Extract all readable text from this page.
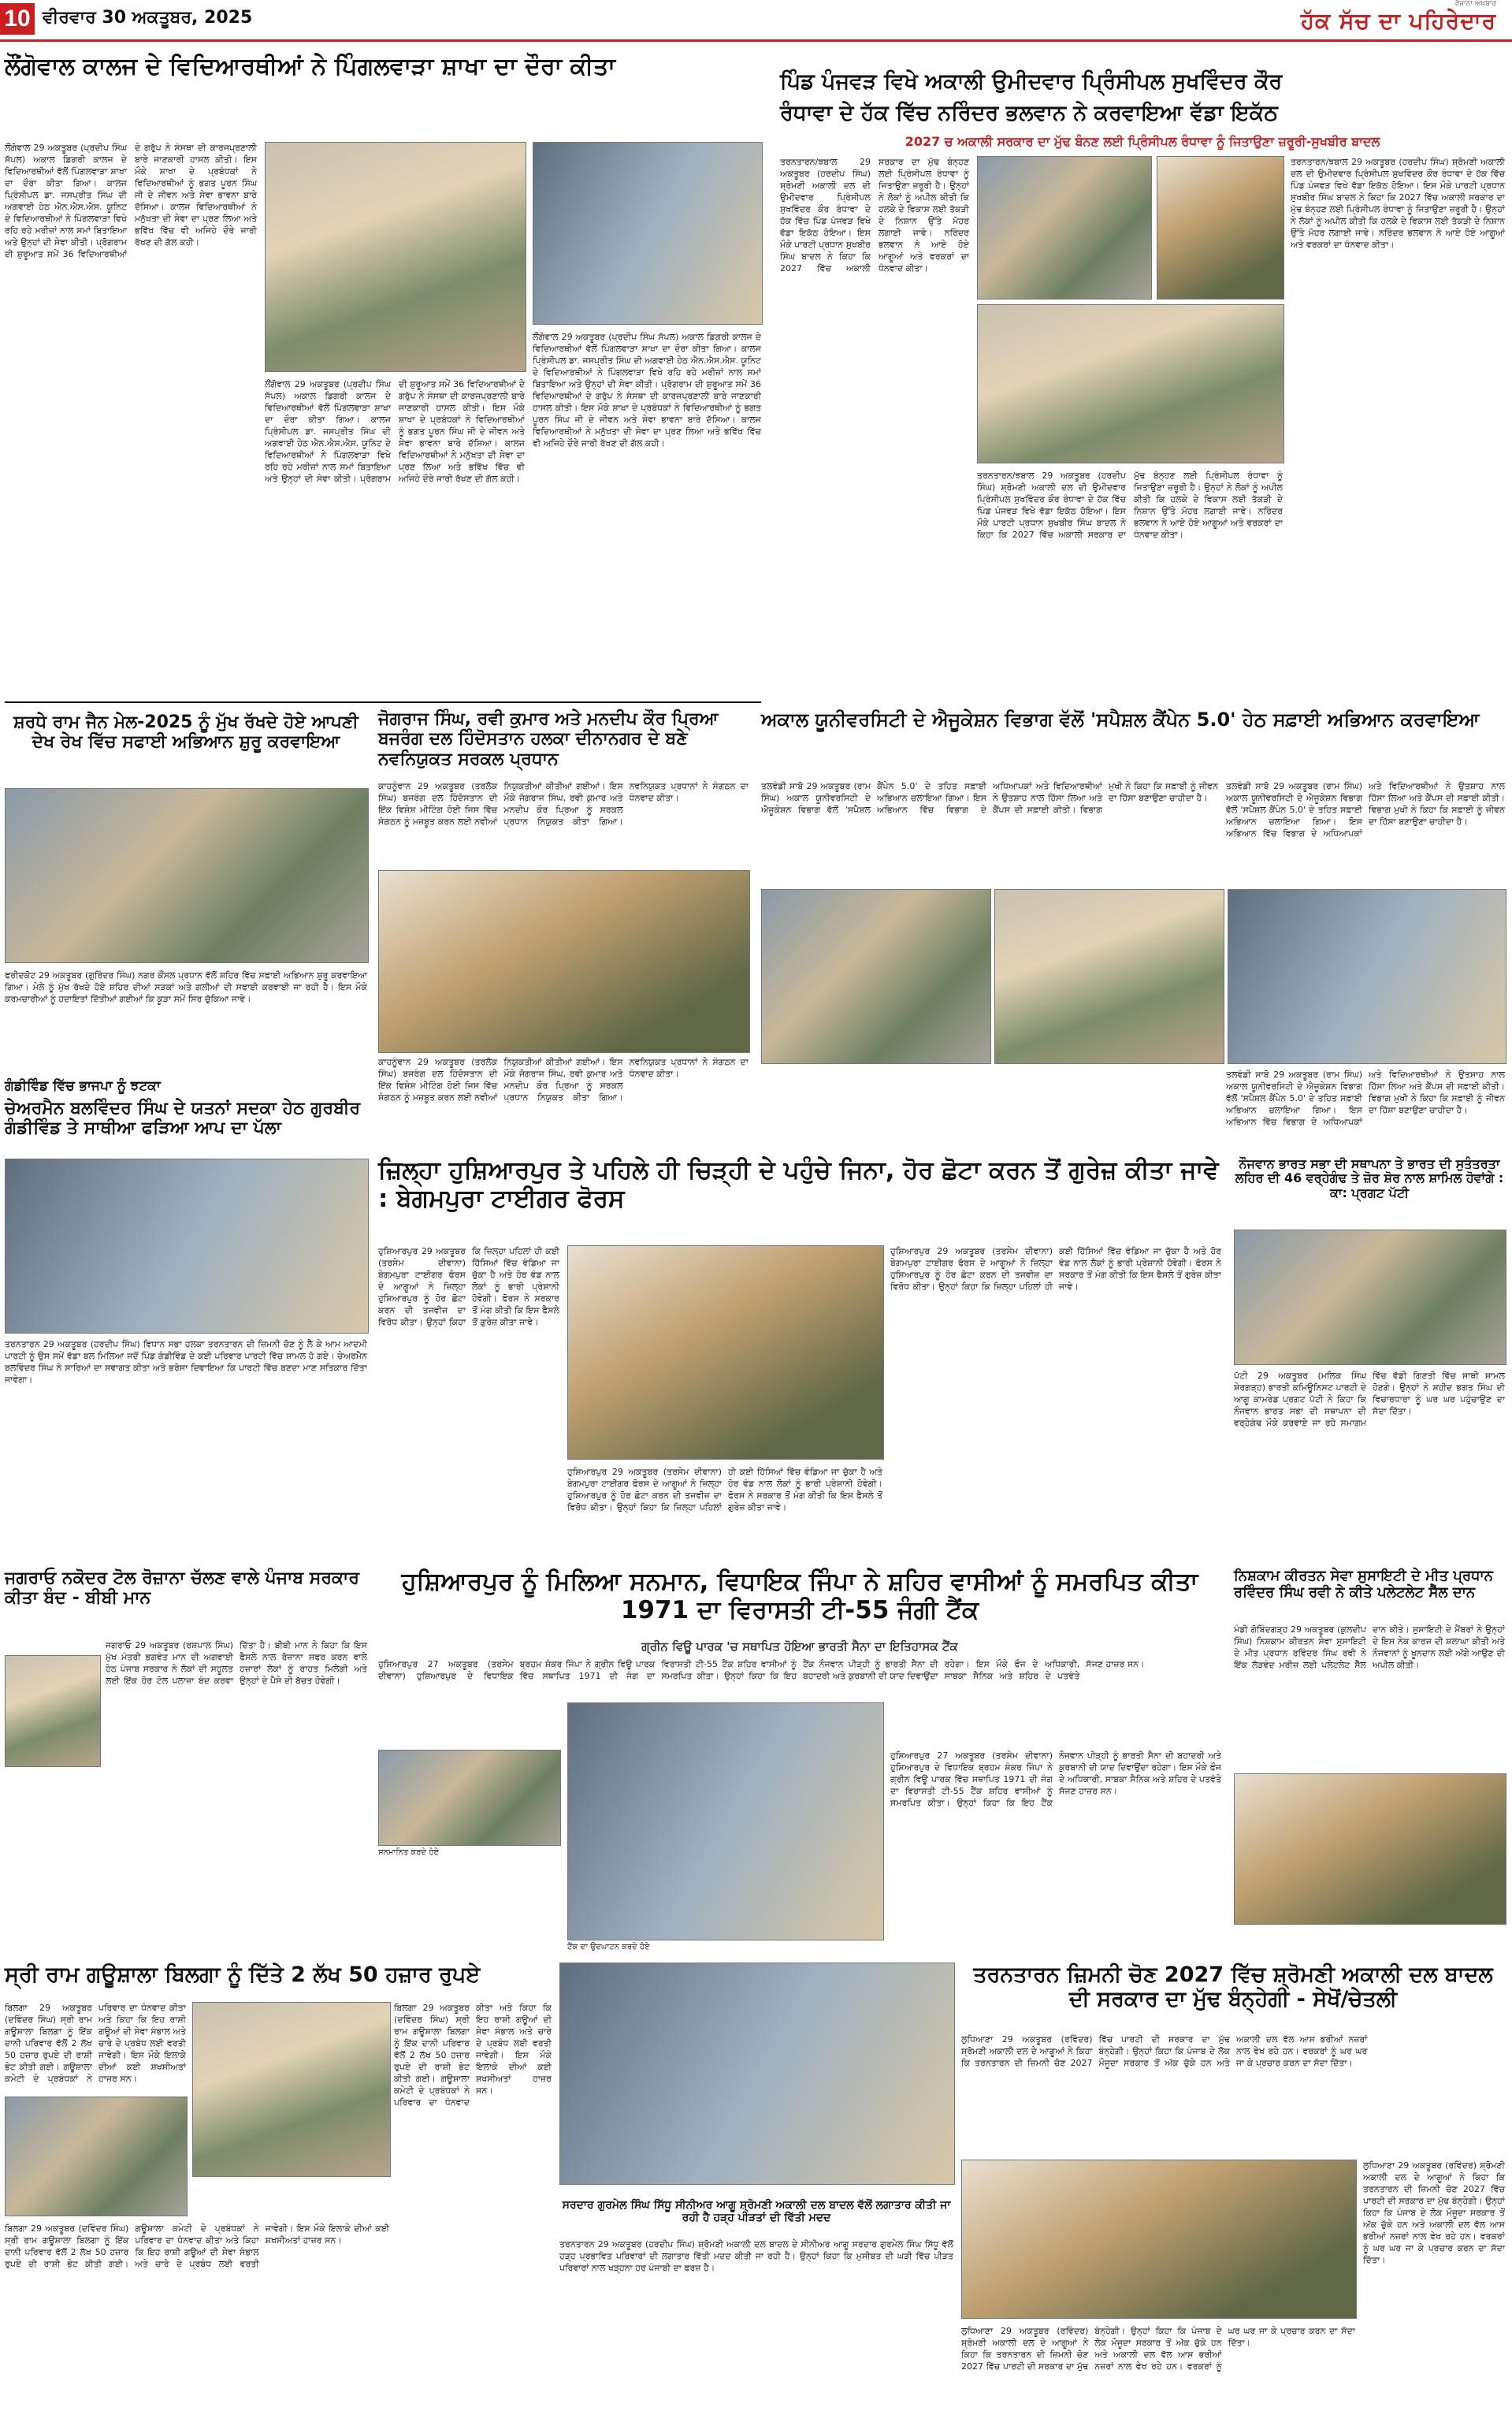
10 ਵੀਰਵਾਰ 30 ਅਕਤੂਬਰ, 2025
ਰੋਜ਼ਾਨਾ ਅਖ਼ਬਾਰ
ਹੱਕ ਸੱਚ ਦਾ ਪਹਿਰੇਦਾਰ
ਲੌਂਗੋਵਾਲ ਕਾਲਜ ਦੇ ਵਿਦਿਆਰਥੀਆਂ ਨੇ ਪਿੰਗਲਵਾੜਾ ਸ਼ਾਖਾ ਦਾ ਦੌਰਾ ਕੀਤਾ
ਲੌਂਗੋਵਾਲ 29 ਅਕਤੂਬਰ (ਪ੍ਰਦੀਪ ਸਿੰਘ ਸੱਪਲ) ਅਕਾਲ ਡਿਗਰੀ ਕਾਲਜ ਦੇ ਵਿਦਿਆਰਥੀਆਂ ਵੱਲੋਂ ਪਿੰਗਲਵਾੜਾ ਸ਼ਾਖਾ ਦਾ ਦੌਰਾ ਕੀਤਾ ਗਿਆ। ਕਾਲਜ ਪ੍ਰਿੰਸੀਪਲ ਡਾ. ਜਸਪ੍ਰੀਤ ਸਿੰਘ ਦੀ ਅਗਵਾਈ ਹੇਠ ਐਨ.ਐਸ.ਐਸ. ਯੂਨਿਟ ਦੇ ਵਿਦਿਆਰਥੀਆਂ ਨੇ ਪਿੰਗਲਵਾੜਾ ਵਿਖੇ ਰਹਿ ਰਹੇ ਮਰੀਜ਼ਾਂ ਨਾਲ ਸਮਾਂ ਬਿਤਾਇਆ ਅਤੇ ਉਨ੍ਹਾਂ ਦੀ ਸੇਵਾ ਕੀਤੀ। ਪ੍ਰੋਗਰਾਮ ਦੀ ਸ਼ੁਰੂਆਤ ਸਮੇਂ 36 ਵਿਦਿਆਰਥੀਆਂ ਦੇ ਗਰੁੱਪ ਨੇ ਸੰਸਥਾ ਦੀ ਕਾਰਜਪ੍ਰਣਾਲੀ ਬਾਰੇ ਜਾਣਕਾਰੀ ਹਾਸਲ ਕੀਤੀ। ਇਸ ਮੌਕੇ ਸ਼ਾਖਾ ਦੇ ਪ੍ਰਬੰਧਕਾਂ ਨੇ ਵਿਦਿਆਰਥੀਆਂ ਨੂੰ ਭਗਤ ਪੂਰਨ ਸਿੰਘ ਜੀ ਦੇ ਜੀਵਨ ਅਤੇ ਸੇਵਾ ਭਾਵਨਾ ਬਾਰੇ ਦੱਸਿਆ। ਕਾਲਜ ਵਿਦਿਆਰਥੀਆਂ ਨੇ ਮਨੁੱਖਤਾ ਦੀ ਸੇਵਾ ਦਾ ਪ੍ਰਣ ਲਿਆ ਅਤੇ ਭਵਿੱਖ ਵਿੱਚ ਵੀ ਅਜਿਹੇ ਦੌਰੇ ਜਾਰੀ ਰੱਖਣ ਦੀ ਗੱਲ ਕਹੀ।
ਲੌਂਗੋਵਾਲ 29 ਅਕਤੂਬਰ (ਪ੍ਰਦੀਪ ਸਿੰਘ ਸੱਪਲ) ਅਕਾਲ ਡਿਗਰੀ ਕਾਲਜ ਦੇ ਵਿਦਿਆਰਥੀਆਂ ਵੱਲੋਂ ਪਿੰਗਲਵਾੜਾ ਸ਼ਾਖਾ ਦਾ ਦੌਰਾ ਕੀਤਾ ਗਿਆ। ਕਾਲਜ ਪ੍ਰਿੰਸੀਪਲ ਡਾ. ਜਸਪ੍ਰੀਤ ਸਿੰਘ ਦੀ ਅਗਵਾਈ ਹੇਠ ਐਨ.ਐਸ.ਐਸ. ਯੂਨਿਟ ਦੇ ਵਿਦਿਆਰਥੀਆਂ ਨੇ ਪਿੰਗਲਵਾੜਾ ਵਿਖੇ ਰਹਿ ਰਹੇ ਮਰੀਜ਼ਾਂ ਨਾਲ ਸਮਾਂ ਬਿਤਾਇਆ ਅਤੇ ਉਨ੍ਹਾਂ ਦੀ ਸੇਵਾ ਕੀਤੀ। ਪ੍ਰੋਗਰਾਮ ਦੀ ਸ਼ੁਰੂਆਤ ਸਮੇਂ 36 ਵਿਦਿਆਰਥੀਆਂ ਦੇ ਗਰੁੱਪ ਨੇ ਸੰਸਥਾ ਦੀ ਕਾਰਜਪ੍ਰਣਾਲੀ ਬਾਰੇ ਜਾਣਕਾਰੀ ਹਾਸਲ ਕੀਤੀ। ਇਸ ਮੌਕੇ ਸ਼ਾਖਾ ਦੇ ਪ੍ਰਬੰਧਕਾਂ ਨੇ ਵਿਦਿਆਰਥੀਆਂ ਨੂੰ ਭਗਤ ਪੂਰਨ ਸਿੰਘ ਜੀ ਦੇ ਜੀਵਨ ਅਤੇ ਸੇਵਾ ਭਾਵਨਾ ਬਾਰੇ ਦੱਸਿਆ। ਕਾਲਜ ਵਿਦਿਆਰਥੀਆਂ ਨੇ ਮਨੁੱਖਤਾ ਦੀ ਸੇਵਾ ਦਾ ਪ੍ਰਣ ਲਿਆ ਅਤੇ ਭਵਿੱਖ ਵਿੱਚ ਵੀ ਅਜਿਹੇ ਦੌਰੇ ਜਾਰੀ ਰੱਖਣ ਦੀ ਗੱਲ ਕਹੀ।
ਲੌਂਗੋਵਾਲ 29 ਅਕਤੂਬਰ (ਪ੍ਰਦੀਪ ਸਿੰਘ ਸੱਪਲ) ਅਕਾਲ ਡਿਗਰੀ ਕਾਲਜ ਦੇ ਵਿਦਿਆਰਥੀਆਂ ਵੱਲੋਂ ਪਿੰਗਲਵਾੜਾ ਸ਼ਾਖਾ ਦਾ ਦੌਰਾ ਕੀਤਾ ਗਿਆ। ਕਾਲਜ ਪ੍ਰਿੰਸੀਪਲ ਡਾ. ਜਸਪ੍ਰੀਤ ਸਿੰਘ ਦੀ ਅਗਵਾਈ ਹੇਠ ਐਨ.ਐਸ.ਐਸ. ਯੂਨਿਟ ਦੇ ਵਿਦਿਆਰਥੀਆਂ ਨੇ ਪਿੰਗਲਵਾੜਾ ਵਿਖੇ ਰਹਿ ਰਹੇ ਮਰੀਜ਼ਾਂ ਨਾਲ ਸਮਾਂ ਬਿਤਾਇਆ ਅਤੇ ਉਨ੍ਹਾਂ ਦੀ ਸੇਵਾ ਕੀਤੀ। ਪ੍ਰੋਗਰਾਮ ਦੀ ਸ਼ੁਰੂਆਤ ਸਮੇਂ 36 ਵਿਦਿਆਰਥੀਆਂ ਦੇ ਗਰੁੱਪ ਨੇ ਸੰਸਥਾ ਦੀ ਕਾਰਜਪ੍ਰਣਾਲੀ ਬਾਰੇ ਜਾਣਕਾਰੀ ਹਾਸਲ ਕੀਤੀ। ਇਸ ਮੌਕੇ ਸ਼ਾਖਾ ਦੇ ਪ੍ਰਬੰਧਕਾਂ ਨੇ ਵਿਦਿਆਰਥੀਆਂ ਨੂੰ ਭਗਤ ਪੂਰਨ ਸਿੰਘ ਜੀ ਦੇ ਜੀਵਨ ਅਤੇ ਸੇਵਾ ਭਾਵਨਾ ਬਾਰੇ ਦੱਸਿਆ। ਕਾਲਜ ਵਿਦਿਆਰਥੀਆਂ ਨੇ ਮਨੁੱਖਤਾ ਦੀ ਸੇਵਾ ਦਾ ਪ੍ਰਣ ਲਿਆ ਅਤੇ ਭਵਿੱਖ ਵਿੱਚ ਵੀ ਅਜਿਹੇ ਦੌਰੇ ਜਾਰੀ ਰੱਖਣ ਦੀ ਗੱਲ ਕਹੀ।
ਪਿੰਡ ਪੰਜਵੜ ਵਿਖੇ ਅਕਾਲੀ ਉਮੀਦਵਾਰ ਪ੍ਰਿੰਸੀਪਲ ਸੁਖਵਿੰਦਰ ਕੌਰ
ਰੰਧਾਵਾ ਦੇ ਹੱਕ ਵਿੱਚ ਨਰਿੰਦਰ ਭਲਵਾਨ ਨੇ ਕਰਵਾਇਆ ਵੱਡਾ ਇਕੱਠ
2027 ਚ ਅਕਾਲੀ ਸਰਕਾਰ ਦਾ ਮੁੱਢ ਬੰਨਣ ਲਈ ਪ੍ਰਿੰਸੀਪਲ ਰੰਧਾਵਾ ਨੂੰ ਜਿਤਾਉਣਾ ਜ਼ਰੂਰੀ-ਸੁਖਬੀਰ ਬਾਦਲ
ਤਰਨਤਾਰਨ/ਝਬਾਲ 29 ਅਕਤੂਬਰ (ਹਰਦੀਪ ਸਿੰਘ) ਸ਼੍ਰੋਮਣੀ ਅਕਾਲੀ ਦਲ ਦੀ ਉਮੀਦਵਾਰ ਪ੍ਰਿੰਸੀਪਲ ਸੁਖਵਿੰਦਰ ਕੌਰ ਰੰਧਾਵਾ ਦੇ ਹੱਕ ਵਿੱਚ ਪਿੰਡ ਪੰਜਵੜ ਵਿਖੇ ਵੱਡਾ ਇਕੱਠ ਹੋਇਆ। ਇਸ ਮੌਕੇ ਪਾਰਟੀ ਪ੍ਰਧਾਨ ਸੁਖਬੀਰ ਸਿੰਘ ਬਾਦਲ ਨੇ ਕਿਹਾ ਕਿ 2027 ਵਿੱਚ ਅਕਾਲੀ ਸਰਕਾਰ ਦਾ ਮੁੱਢ ਬੰਨ੍ਹਣ ਲਈ ਪ੍ਰਿੰਸੀਪਲ ਰੰਧਾਵਾ ਨੂੰ ਜਿਤਾਉਣਾ ਜ਼ਰੂਰੀ ਹੈ। ਉਨ੍ਹਾਂ ਨੇ ਲੋਕਾਂ ਨੂੰ ਅਪੀਲ ਕੀਤੀ ਕਿ ਹਲਕੇ ਦੇ ਵਿਕਾਸ ਲਈ ਤੱਕੜੀ ਦੇ ਨਿਸ਼ਾਨ ਉੱਤੇ ਮੋਹਰ ਲਗਾਈ ਜਾਵੇ। ਨਰਿੰਦਰ ਭਲਵਾਨ ਨੇ ਆਏ ਹੋਏ ਆਗੂਆਂ ਅਤੇ ਵਰਕਰਾਂ ਦਾ ਧੰਨਵਾਦ ਕੀਤਾ।
ਤਰਨਤਾਰਨ/ਝਬਾਲ 29 ਅਕਤੂਬਰ (ਹਰਦੀਪ ਸਿੰਘ) ਸ਼੍ਰੋਮਣੀ ਅਕਾਲੀ ਦਲ ਦੀ ਉਮੀਦਵਾਰ ਪ੍ਰਿੰਸੀਪਲ ਸੁਖਵਿੰਦਰ ਕੌਰ ਰੰਧਾਵਾ ਦੇ ਹੱਕ ਵਿੱਚ ਪਿੰਡ ਪੰਜਵੜ ਵਿਖੇ ਵੱਡਾ ਇਕੱਠ ਹੋਇਆ। ਇਸ ਮੌਕੇ ਪਾਰਟੀ ਪ੍ਰਧਾਨ ਸੁਖਬੀਰ ਸਿੰਘ ਬਾਦਲ ਨੇ ਕਿਹਾ ਕਿ 2027 ਵਿੱਚ ਅਕਾਲੀ ਸਰਕਾਰ ਦਾ ਮੁੱਢ ਬੰਨ੍ਹਣ ਲਈ ਪ੍ਰਿੰਸੀਪਲ ਰੰਧਾਵਾ ਨੂੰ ਜਿਤਾਉਣਾ ਜ਼ਰੂਰੀ ਹੈ। ਉਨ੍ਹਾਂ ਨੇ ਲੋਕਾਂ ਨੂੰ ਅਪੀਲ ਕੀਤੀ ਕਿ ਹਲਕੇ ਦੇ ਵਿਕਾਸ ਲਈ ਤੱਕੜੀ ਦੇ ਨਿਸ਼ਾਨ ਉੱਤੇ ਮੋਹਰ ਲਗਾਈ ਜਾਵੇ। ਨਰਿੰਦਰ ਭਲਵਾਨ ਨੇ ਆਏ ਹੋਏ ਆਗੂਆਂ ਅਤੇ ਵਰਕਰਾਂ ਦਾ ਧੰਨਵਾਦ ਕੀਤਾ।
ਤਰਨਤਾਰਨ/ਝਬਾਲ 29 ਅਕਤੂਬਰ (ਹਰਦੀਪ ਸਿੰਘ) ਸ਼੍ਰੋਮਣੀ ਅਕਾਲੀ ਦਲ ਦੀ ਉਮੀਦਵਾਰ ਪ੍ਰਿੰਸੀਪਲ ਸੁਖਵਿੰਦਰ ਕੌਰ ਰੰਧਾਵਾ ਦੇ ਹੱਕ ਵਿੱਚ ਪਿੰਡ ਪੰਜਵੜ ਵਿਖੇ ਵੱਡਾ ਇਕੱਠ ਹੋਇਆ। ਇਸ ਮੌਕੇ ਪਾਰਟੀ ਪ੍ਰਧਾਨ ਸੁਖਬੀਰ ਸਿੰਘ ਬਾਦਲ ਨੇ ਕਿਹਾ ਕਿ 2027 ਵਿੱਚ ਅਕਾਲੀ ਸਰਕਾਰ ਦਾ ਮੁੱਢ ਬੰਨ੍ਹਣ ਲਈ ਪ੍ਰਿੰਸੀਪਲ ਰੰਧਾਵਾ ਨੂੰ ਜਿਤਾਉਣਾ ਜ਼ਰੂਰੀ ਹੈ। ਉਨ੍ਹਾਂ ਨੇ ਲੋਕਾਂ ਨੂੰ ਅਪੀਲ ਕੀਤੀ ਕਿ ਹਲਕੇ ਦੇ ਵਿਕਾਸ ਲਈ ਤੱਕੜੀ ਦੇ ਨਿਸ਼ਾਨ ਉੱਤੇ ਮੋਹਰ ਲਗਾਈ ਜਾਵੇ। ਨਰਿੰਦਰ ਭਲਵਾਨ ਨੇ ਆਏ ਹੋਏ ਆਗੂਆਂ ਅਤੇ ਵਰਕਰਾਂ ਦਾ ਧੰਨਵਾਦ ਕੀਤਾ।
ਸ਼ਰਧੇ ਰਾਮ ਜੈਨ ਮੇਲ-2025 ਨੂੰ ਮੁੱਖ ਰੱਖਦੇ ਹੋਏ ਆਪਣੀ ਦੇਖ ਰੇਖ ਵਿੱਚ ਸਫਾਈ ਅਭਿਆਨ ਸ਼ੁਰੂ ਕਰਵਾਇਆ
ਫਰੀਦਕੋਟ 29 ਅਕਤੂਬਰ (ਗੁਰਿੰਦਰ ਸਿੰਘ) ਨਗਰ ਕੌਂਸਲ ਪ੍ਰਧਾਨ ਵੱਲੋਂ ਸ਼ਹਿਰ ਵਿੱਚ ਸਫਾਈ ਅਭਿਆਨ ਸ਼ੁਰੂ ਕਰਵਾਇਆ ਗਿਆ। ਮੇਲੇ ਨੂੰ ਮੁੱਖ ਰੱਖਦੇ ਹੋਏ ਸ਼ਹਿਰ ਦੀਆਂ ਸੜਕਾਂ ਅਤੇ ਗਲੀਆਂ ਦੀ ਸਫਾਈ ਕਰਵਾਈ ਜਾ ਰਹੀ ਹੈ। ਇਸ ਮੌਕੇ ਕਰਮਚਾਰੀਆਂ ਨੂੰ ਹਦਾਇਤਾਂ ਦਿੱਤੀਆਂ ਗਈਆਂ ਕਿ ਕੂੜਾ ਸਮੇਂ ਸਿਰ ਚੁੱਕਿਆ ਜਾਵੇ।
ਗੰਡੀਵਿੰਡ ਵਿੱਚ ਭਾਜਪਾ ਨੂੰ ਝਟਕਾ
ਚੇਅਰਮੈਨ ਬਲਵਿੰਦਰ ਸਿੰਘ ਦੇ ਯਤਨਾਂ ਸਦਕਾ ਹੇਠ ਗੁਰਬੀਰ ਗੰਡੀਵਿੰਡ ਤੇ ਸਾਥੀਆ ਫੜਿਆ ਆਪ ਦਾ ਪੱਲਾ
ਤਰਨਤਾਰਨ 29 ਅਕਤੂਬਰ (ਹਰਦੀਪ ਸਿੰਘ) ਵਿਧਾਨ ਸਭਾ ਹਲਕਾ ਤਰਨਤਾਰਨ ਦੀ ਜ਼ਿਮਨੀ ਚੋਣ ਨੂੰ ਲੈ ਕੇ ਆਮ ਆਦਮੀ ਪਾਰਟੀ ਨੂੰ ਉਸ ਸਮੇਂ ਵੱਡਾ ਬਲ ਮਿਲਿਆ ਜਦੋਂ ਪਿੰਡ ਗੰਡੀਵਿੰਡ ਦੇ ਕਈ ਪਰਿਵਾਰ ਪਾਰਟੀ ਵਿੱਚ ਸ਼ਾਮਲ ਹੋ ਗਏ। ਚੇਅਰਮੈਨ ਬਲਵਿੰਦਰ ਸਿੰਘ ਨੇ ਸਾਰਿਆਂ ਦਾ ਸਵਾਗਤ ਕੀਤਾ ਅਤੇ ਭਰੋਸਾ ਦਿਵਾਇਆ ਕਿ ਪਾਰਟੀ ਵਿੱਚ ਬਣਦਾ ਮਾਣ ਸਤਿਕਾਰ ਦਿੱਤਾ ਜਾਵੇਗਾ।
ਜੋਗਰਾਜ ਸਿੰਘ, ਰਵੀ ਕੁਮਾਰ ਅਤੇ ਮਨਦੀਪ ਕੌਰ ਪ੍ਰਿਆ ਬਜਰੰਗ ਦਲ ਹਿੰਦੋਸਤਾਨ ਹਲਕਾ ਦੀਨਾਨਗਰ ਦੇ ਬਣੇ ਨਵਨਿਯੁਕਤ ਸਰਕਲ ਪ੍ਰਧਾਨ
ਕਾਹਨੂੰਵਾਨ 29 ਅਕਤੂਬਰ (ਤਰਲੋਕ ਸਿੰਘ) ਬਜਰੰਗ ਦਲ ਹਿੰਦੋਸਤਾਨ ਦੀ ਇੱਕ ਵਿਸ਼ੇਸ਼ ਮੀਟਿੰਗ ਹੋਈ ਜਿਸ ਵਿੱਚ ਸੰਗਠਨ ਨੂੰ ਮਜ਼ਬੂਤ ਕਰਨ ਲਈ ਨਵੀਆਂ ਨਿਯੁਕਤੀਆਂ ਕੀਤੀਆਂ ਗਈਆਂ। ਇਸ ਮੌਕੇ ਜੋਗਰਾਜ ਸਿੰਘ, ਰਵੀ ਕੁਮਾਰ ਅਤੇ ਮਨਦੀਪ ਕੌਰ ਪ੍ਰਿਆ ਨੂੰ ਸਰਕਲ ਪ੍ਰਧਾਨ ਨਿਯੁਕਤ ਕੀਤਾ ਗਿਆ। ਨਵਨਿਯੁਕਤ ਪ੍ਰਧਾਨਾਂ ਨੇ ਸੰਗਠਨ ਦਾ ਧੰਨਵਾਦ ਕੀਤਾ।
ਕਾਹਨੂੰਵਾਨ 29 ਅਕਤੂਬਰ (ਤਰਲੋਕ ਸਿੰਘ) ਬਜਰੰਗ ਦਲ ਹਿੰਦੋਸਤਾਨ ਦੀ ਇੱਕ ਵਿਸ਼ੇਸ਼ ਮੀਟਿੰਗ ਹੋਈ ਜਿਸ ਵਿੱਚ ਸੰਗਠਨ ਨੂੰ ਮਜ਼ਬੂਤ ਕਰਨ ਲਈ ਨਵੀਆਂ ਨਿਯੁਕਤੀਆਂ ਕੀਤੀਆਂ ਗਈਆਂ। ਇਸ ਮੌਕੇ ਜੋਗਰਾਜ ਸਿੰਘ, ਰਵੀ ਕੁਮਾਰ ਅਤੇ ਮਨਦੀਪ ਕੌਰ ਪ੍ਰਿਆ ਨੂੰ ਸਰਕਲ ਪ੍ਰਧਾਨ ਨਿਯੁਕਤ ਕੀਤਾ ਗਿਆ। ਨਵਨਿਯੁਕਤ ਪ੍ਰਧਾਨਾਂ ਨੇ ਸੰਗਠਨ ਦਾ ਧੰਨਵਾਦ ਕੀਤਾ।
ਅਕਾਲ ਯੂਨੀਵਰਸਿਟੀ ਦੇ ਐਜੂਕੇਸ਼ਨ ਵਿਭਾਗ ਵੱਲੋਂ 'ਸਪੈਸ਼ਲ ਕੈਂਪੇਨ 5.0' ਹੇਠ ਸਫ਼ਾਈ ਅਭਿਆਨ ਕਰਵਾਇਆ
ਤਲਵੰਡੀ ਸਾਬੋ 29 ਅਕਤੂਬਰ (ਰਾਮ ਸਿੰਘ) ਅਕਾਲ ਯੂਨੀਵਰਸਿਟੀ ਦੇ ਐਜੂਕੇਸ਼ਨ ਵਿਭਾਗ ਵੱਲੋਂ 'ਸਪੈਸ਼ਲ ਕੈਂਪੇਨ 5.0' ਦੇ ਤਹਿਤ ਸਫ਼ਾਈ ਅਭਿਆਨ ਚਲਾਇਆ ਗਿਆ। ਇਸ ਅਭਿਆਨ ਵਿੱਚ ਵਿਭਾਗ ਦੇ ਅਧਿਆਪਕਾਂ ਅਤੇ ਵਿਦਿਆਰਥੀਆਂ ਨੇ ਉਤਸ਼ਾਹ ਨਾਲ ਹਿੱਸਾ ਲਿਆ ਅਤੇ ਕੈਂਪਸ ਦੀ ਸਫ਼ਾਈ ਕੀਤੀ। ਵਿਭਾਗ ਮੁਖੀ ਨੇ ਕਿਹਾ ਕਿ ਸਫ਼ਾਈ ਨੂੰ ਜੀਵਨ ਦਾ ਹਿੱਸਾ ਬਣਾਉਣਾ ਚਾਹੀਦਾ ਹੈ।
ਤਲਵੰਡੀ ਸਾਬੋ 29 ਅਕਤੂਬਰ (ਰਾਮ ਸਿੰਘ) ਅਕਾਲ ਯੂਨੀਵਰਸਿਟੀ ਦੇ ਐਜੂਕੇਸ਼ਨ ਵਿਭਾਗ ਵੱਲੋਂ 'ਸਪੈਸ਼ਲ ਕੈਂਪੇਨ 5.0' ਦੇ ਤਹਿਤ ਸਫ਼ਾਈ ਅਭਿਆਨ ਚਲਾਇਆ ਗਿਆ। ਇਸ ਅਭਿਆਨ ਵਿੱਚ ਵਿਭਾਗ ਦੇ ਅਧਿਆਪਕਾਂ ਅਤੇ ਵਿਦਿਆਰਥੀਆਂ ਨੇ ਉਤਸ਼ਾਹ ਨਾਲ ਹਿੱਸਾ ਲਿਆ ਅਤੇ ਕੈਂਪਸ ਦੀ ਸਫ਼ਾਈ ਕੀਤੀ। ਵਿਭਾਗ ਮੁਖੀ ਨੇ ਕਿਹਾ ਕਿ ਸਫ਼ਾਈ ਨੂੰ ਜੀਵਨ ਦਾ ਹਿੱਸਾ ਬਣਾਉਣਾ ਚਾਹੀਦਾ ਹੈ।
ਤਲਵੰਡੀ ਸਾਬੋ 29 ਅਕਤੂਬਰ (ਰਾਮ ਸਿੰਘ) ਅਕਾਲ ਯੂਨੀਵਰਸਿਟੀ ਦੇ ਐਜੂਕੇਸ਼ਨ ਵਿਭਾਗ ਵੱਲੋਂ 'ਸਪੈਸ਼ਲ ਕੈਂਪੇਨ 5.0' ਦੇ ਤਹਿਤ ਸਫ਼ਾਈ ਅਭਿਆਨ ਚਲਾਇਆ ਗਿਆ। ਇਸ ਅਭਿਆਨ ਵਿੱਚ ਵਿਭਾਗ ਦੇ ਅਧਿਆਪਕਾਂ ਅਤੇ ਵਿਦਿਆਰਥੀਆਂ ਨੇ ਉਤਸ਼ਾਹ ਨਾਲ ਹਿੱਸਾ ਲਿਆ ਅਤੇ ਕੈਂਪਸ ਦੀ ਸਫ਼ਾਈ ਕੀਤੀ। ਵਿਭਾਗ ਮੁਖੀ ਨੇ ਕਿਹਾ ਕਿ ਸਫ਼ਾਈ ਨੂੰ ਜੀਵਨ ਦਾ ਹਿੱਸਾ ਬਣਾਉਣਾ ਚਾਹੀਦਾ ਹੈ।
ਜ਼ਿਲ੍ਹਾ ਹੁਸ਼ਿਆਰਪੁਰ ਤੇ ਪਹਿਲੇ ਹੀ ਚਿੜ੍ਹੀ ਦੇ ਪਹੁੰਚੇ ਜਿਨਾ, ਹੋਰ ਛੋਟਾ ਕਰਨ ਤੋਂ ਗੁਰੇਜ਼ ਕੀਤਾ ਜਾਵੇ : ਬੇਗਮਪੁਰਾ ਟਾਈਗਰ ਫੋਰਸ
ਹੁਸ਼ਿਆਰਪੁਰ 29 ਅਕਤੂਬਰ (ਤਰਸੇਮ ਦੀਵਾਨਾ) ਬੇਗਮਪੁਰਾ ਟਾਈਗਰ ਫੋਰਸ ਦੇ ਆਗੂਆਂ ਨੇ ਜ਼ਿਲ੍ਹਾ ਹੁਸ਼ਿਆਰਪੁਰ ਨੂੰ ਹੋਰ ਛੋਟਾ ਕਰਨ ਦੀ ਤਜਵੀਜ਼ ਦਾ ਵਿਰੋਧ ਕੀਤਾ। ਉਨ੍ਹਾਂ ਕਿਹਾ ਕਿ ਜ਼ਿਲ੍ਹਾ ਪਹਿਲਾਂ ਹੀ ਕਈ ਹਿੱਸਿਆਂ ਵਿੱਚ ਵੰਡਿਆ ਜਾ ਚੁੱਕਾ ਹੈ ਅਤੇ ਹੋਰ ਵੰਡ ਨਾਲ ਲੋਕਾਂ ਨੂੰ ਭਾਰੀ ਪ੍ਰੇਸ਼ਾਨੀ ਹੋਵੇਗੀ। ਫੋਰਸ ਨੇ ਸਰਕਾਰ ਤੋਂ ਮੰਗ ਕੀਤੀ ਕਿ ਇਸ ਫੈਸਲੇ ਤੋਂ ਗੁਰੇਜ਼ ਕੀਤਾ ਜਾਵੇ।
ਹੁਸ਼ਿਆਰਪੁਰ 29 ਅਕਤੂਬਰ (ਤਰਸੇਮ ਦੀਵਾਨਾ) ਬੇਗਮਪੁਰਾ ਟਾਈਗਰ ਫੋਰਸ ਦੇ ਆਗੂਆਂ ਨੇ ਜ਼ਿਲ੍ਹਾ ਹੁਸ਼ਿਆਰਪੁਰ ਨੂੰ ਹੋਰ ਛੋਟਾ ਕਰਨ ਦੀ ਤਜਵੀਜ਼ ਦਾ ਵਿਰੋਧ ਕੀਤਾ। ਉਨ੍ਹਾਂ ਕਿਹਾ ਕਿ ਜ਼ਿਲ੍ਹਾ ਪਹਿਲਾਂ ਹੀ ਕਈ ਹਿੱਸਿਆਂ ਵਿੱਚ ਵੰਡਿਆ ਜਾ ਚੁੱਕਾ ਹੈ ਅਤੇ ਹੋਰ ਵੰਡ ਨਾਲ ਲੋਕਾਂ ਨੂੰ ਭਾਰੀ ਪ੍ਰੇਸ਼ਾਨੀ ਹੋਵੇਗੀ। ਫੋਰਸ ਨੇ ਸਰਕਾਰ ਤੋਂ ਮੰਗ ਕੀਤੀ ਕਿ ਇਸ ਫੈਸਲੇ ਤੋਂ ਗੁਰੇਜ਼ ਕੀਤਾ ਜਾਵੇ।
ਹੁਸ਼ਿਆਰਪੁਰ 29 ਅਕਤੂਬਰ (ਤਰਸੇਮ ਦੀਵਾਨਾ) ਬੇਗਮਪੁਰਾ ਟਾਈਗਰ ਫੋਰਸ ਦੇ ਆਗੂਆਂ ਨੇ ਜ਼ਿਲ੍ਹਾ ਹੁਸ਼ਿਆਰਪੁਰ ਨੂੰ ਹੋਰ ਛੋਟਾ ਕਰਨ ਦੀ ਤਜਵੀਜ਼ ਦਾ ਵਿਰੋਧ ਕੀਤਾ। ਉਨ੍ਹਾਂ ਕਿਹਾ ਕਿ ਜ਼ਿਲ੍ਹਾ ਪਹਿਲਾਂ ਹੀ ਕਈ ਹਿੱਸਿਆਂ ਵਿੱਚ ਵੰਡਿਆ ਜਾ ਚੁੱਕਾ ਹੈ ਅਤੇ ਹੋਰ ਵੰਡ ਨਾਲ ਲੋਕਾਂ ਨੂੰ ਭਾਰੀ ਪ੍ਰੇਸ਼ਾਨੀ ਹੋਵੇਗੀ। ਫੋਰਸ ਨੇ ਸਰਕਾਰ ਤੋਂ ਮੰਗ ਕੀਤੀ ਕਿ ਇਸ ਫੈਸਲੇ ਤੋਂ ਗੁਰੇਜ਼ ਕੀਤਾ ਜਾਵੇ।
ਨੌਜਵਾਨ ਭਾਰਤ ਸਭਾ ਦੀ ਸਥਾਪਨਾ ਤੇ ਭਾਰਤ ਦੀ ਸੁਤੰਤਰਤਾ ਲਹਿਰ ਦੀ 46 ਵਰ੍ਹੇਗੰਢ ਤੇ ਜ਼ੋਰ ਸ਼ੋਰ ਨਾਲ ਸ਼ਾਮਿਲ ਹੋਵਾਂਗੇ : ਕਾ: ਪ੍ਰਗਟ ਪੱਟੀ
ਪੱਟੀ 29 ਅਕਤੂਬਰ (ਮਲਿਕ ਸਿੰਘ ਸ਼ੇਰਗੜ੍ਹ) ਭਾਰਤੀ ਕਮਿਊਨਿਸਟ ਪਾਰਟੀ ਦੇ ਆਗੂ ਕਾਮਰੇਡ ਪ੍ਰਗਟ ਪੱਟੀ ਨੇ ਕਿਹਾ ਕਿ ਨੌਜਵਾਨ ਭਾਰਤ ਸਭਾ ਦੀ ਸਥਾਪਨਾ ਦੀ ਵਰ੍ਹੇਗੰਢ ਮੌਕੇ ਕਰਵਾਏ ਜਾ ਰਹੇ ਸਮਾਗਮ ਵਿੱਚ ਵੱਡੀ ਗਿਣਤੀ ਵਿੱਚ ਸਾਥੀ ਸ਼ਾਮਲ ਹੋਣਗੇ। ਉਨ੍ਹਾਂ ਨੇ ਸ਼ਹੀਦ ਭਗਤ ਸਿੰਘ ਦੀ ਵਿਚਾਰਧਾਰਾ ਨੂੰ ਘਰ ਘਰ ਪਹੁੰਚਾਉਣ ਦਾ ਸੱਦਾ ਦਿੱਤਾ।
ਜਗਰਾਓ ਨਕੋਦਰ ਟੋਲ ਰੋਜ਼ਾਨਾ ਚੱਲਣ ਵਾਲੇ ਪੰਜਾਬ ਸਰਕਾਰ ਕੀਤਾ ਬੰਦ - ਬੀਬੀ ਮਾਨ
ਜਗਰਾਓ 29 ਅਕਤੂਬਰ (ਰਸ਼ਪਾਲ ਸਿੰਘ) ਮੁੱਖ ਮੰਤਰੀ ਭਗਵੰਤ ਮਾਨ ਦੀ ਅਗਵਾਈ ਹੇਠ ਪੰਜਾਬ ਸਰਕਾਰ ਨੇ ਲੋਕਾਂ ਦੀ ਸਹੂਲਤ ਲਈ ਇੱਕ ਹੋਰ ਟੋਲ ਪਲਾਜ਼ਾ ਬੰਦ ਕਰਵਾ ਦਿੱਤਾ ਹੈ। ਬੀਬੀ ਮਾਨ ਨੇ ਕਿਹਾ ਕਿ ਇਸ ਫੈਸਲੇ ਨਾਲ ਰੋਜ਼ਾਨਾ ਸਫਰ ਕਰਨ ਵਾਲੇ ਹਜ਼ਾਰਾਂ ਲੋਕਾਂ ਨੂੰ ਰਾਹਤ ਮਿਲੇਗੀ ਅਤੇ ਉਨ੍ਹਾਂ ਦੇ ਪੈਸੇ ਦੀ ਬੱਚਤ ਹੋਵੇਗੀ।
ਹੁਸ਼ਿਆਰਪੁਰ ਨੂੰ ਮਿਲਿਆ ਸਨਮਾਨ, ਵਿਧਾਇਕ ਜਿੰਪਾ ਨੇ ਸ਼ਹਿਰ ਵਾਸੀਆਂ ਨੂੰ ਸਮਰਪਿਤ ਕੀਤਾ 1971 ਦਾ ਵਿਰਾਸਤੀ ਟੀ-55 ਜੰਗੀ ਟੈਂਕ
ਗ੍ਰੀਨ ਵਿਊ ਪਾਰਕ 'ਚ ਸਥਾਪਿਤ ਹੋਇਆ ਭਾਰਤੀ ਸੈਨਾ ਦਾ ਇਤਿਹਾਸਕ ਟੈਂਕ
ਹੁਸ਼ਿਆਰਪੁਰ 27 ਅਕਤੂਬਰ (ਤਰਸੇਮ ਦੀਵਾਨਾ) ਹੁਸ਼ਿਆਰਪੁਰ ਦੇ ਵਿਧਾਇਕ ਬ੍ਰਹਮ ਸ਼ੰਕਰ ਜਿੰਪਾ ਨੇ ਗ੍ਰੀਨ ਵਿਊ ਪਾਰਕ ਵਿੱਚ ਸਥਾਪਿਤ 1971 ਦੀ ਜੰਗ ਦਾ ਵਿਰਾਸਤੀ ਟੀ-55 ਟੈਂਕ ਸ਼ਹਿਰ ਵਾਸੀਆਂ ਨੂੰ ਸਮਰਪਿਤ ਕੀਤਾ। ਉਨ੍ਹਾਂ ਕਿਹਾ ਕਿ ਇਹ ਟੈਂਕ ਨੌਜਵਾਨ ਪੀੜ੍ਹੀ ਨੂੰ ਭਾਰਤੀ ਸੈਨਾ ਦੀ ਬਹਾਦਰੀ ਅਤੇ ਕੁਰਬਾਨੀ ਦੀ ਯਾਦ ਦਿਵਾਉਂਦਾ ਰਹੇਗਾ। ਇਸ ਮੌਕੇ ਫੌਜ ਦੇ ਅਧਿਕਾਰੀ, ਸਾਬਕਾ ਸੈਨਿਕ ਅਤੇ ਸ਼ਹਿਰ ਦੇ ਪਤਵੰਤੇ ਸੱਜਣ ਹਾਜ਼ਰ ਸਨ।
ਸਨਮਾਨਿਤ ਕਰਦੇ ਹੋਏ
ਟੈਂਕ ਦਾ ਉਦਘਾਟਨ ਕਰਦੇ ਹੋਏ
ਹੁਸ਼ਿਆਰਪੁਰ 27 ਅਕਤੂਬਰ (ਤਰਸੇਮ ਦੀਵਾਨਾ) ਹੁਸ਼ਿਆਰਪੁਰ ਦੇ ਵਿਧਾਇਕ ਬ੍ਰਹਮ ਸ਼ੰਕਰ ਜਿੰਪਾ ਨੇ ਗ੍ਰੀਨ ਵਿਊ ਪਾਰਕ ਵਿੱਚ ਸਥਾਪਿਤ 1971 ਦੀ ਜੰਗ ਦਾ ਵਿਰਾਸਤੀ ਟੀ-55 ਟੈਂਕ ਸ਼ਹਿਰ ਵਾਸੀਆਂ ਨੂੰ ਸਮਰਪਿਤ ਕੀਤਾ। ਉਨ੍ਹਾਂ ਕਿਹਾ ਕਿ ਇਹ ਟੈਂਕ ਨੌਜਵਾਨ ਪੀੜ੍ਹੀ ਨੂੰ ਭਾਰਤੀ ਸੈਨਾ ਦੀ ਬਹਾਦਰੀ ਅਤੇ ਕੁਰਬਾਨੀ ਦੀ ਯਾਦ ਦਿਵਾਉਂਦਾ ਰਹੇਗਾ। ਇਸ ਮੌਕੇ ਫੌਜ ਦੇ ਅਧਿਕਾਰੀ, ਸਾਬਕਾ ਸੈਨਿਕ ਅਤੇ ਸ਼ਹਿਰ ਦੇ ਪਤਵੰਤੇ ਸੱਜਣ ਹਾਜ਼ਰ ਸਨ।
ਨਿਸ਼ਕਾਮ ਕੀਰਤਨ ਸੇਵਾ ਸੁਸਾਇਟੀ ਦੇ ਮੀਤ ਪ੍ਰਧਾਨ ਰਵਿੰਦਰ ਸਿੰਘ ਰਵੀ ਨੇ ਕੀਤੇ ਪਲੇਟਲੇਟ ਸੈੱਲ ਦਾਨ
ਮੰਡੀ ਗੋਬਿੰਦਗੜ੍ਹ 29 ਅਕਤੂਬਰ (ਕੁਲਦੀਪ ਸਿੰਘ) ਨਿਸ਼ਕਾਮ ਕੀਰਤਨ ਸੇਵਾ ਸੁਸਾਇਟੀ ਦੇ ਮੀਤ ਪ੍ਰਧਾਨ ਰਵਿੰਦਰ ਸਿੰਘ ਰਵੀ ਨੇ ਇੱਕ ਲੋੜਵੰਦ ਮਰੀਜ਼ ਲਈ ਪਲੇਟਲੇਟ ਸੈੱਲ ਦਾਨ ਕੀਤੇ। ਸੁਸਾਇਟੀ ਦੇ ਮੈਂਬਰਾਂ ਨੇ ਉਨ੍ਹਾਂ ਦੇ ਇਸ ਨੇਕ ਕਾਰਜ ਦੀ ਸ਼ਲਾਘਾ ਕੀਤੀ ਅਤੇ ਨੌਜਵਾਨਾਂ ਨੂੰ ਖੂਨਦਾਨ ਲਈ ਅੱਗੇ ਆਉਣ ਦੀ ਅਪੀਲ ਕੀਤੀ।
ਸ੍ਰੀ ਰਾਮ ਗਊਸ਼ਾਲਾ ਬਿਲਗਾ ਨੂੰ ਦਿੱਤੇ 2 ਲੱਖ 50 ਹਜ਼ਾਰ ਰੁਪਏ
ਬਿਲਗਾ 29 ਅਕਤੂਬਰ (ਦਵਿੰਦਰ ਸਿੰਘ) ਸ੍ਰੀ ਰਾਮ ਗਊਸ਼ਾਲਾ ਬਿਲਗਾ ਨੂੰ ਇੱਕ ਦਾਨੀ ਪਰਿਵਾਰ ਵੱਲੋਂ 2 ਲੱਖ 50 ਹਜ਼ਾਰ ਰੁਪਏ ਦੀ ਰਾਸ਼ੀ ਭੇਟ ਕੀਤੀ ਗਈ। ਗਊਸ਼ਾਲਾ ਕਮੇਟੀ ਦੇ ਪ੍ਰਬੰਧਕਾਂ ਨੇ ਪਰਿਵਾਰ ਦਾ ਧੰਨਵਾਦ ਕੀਤਾ ਅਤੇ ਕਿਹਾ ਕਿ ਇਹ ਰਾਸ਼ੀ ਗਊਆਂ ਦੀ ਸੇਵਾ ਸੰਭਾਲ ਅਤੇ ਚਾਰੇ ਦੇ ਪ੍ਰਬੰਧ ਲਈ ਵਰਤੀ ਜਾਵੇਗੀ। ਇਸ ਮੌਕੇ ਇਲਾਕੇ ਦੀਆਂ ਕਈ ਸ਼ਖਸੀਅਤਾਂ ਹਾਜ਼ਰ ਸਨ।
ਬਿਲਗਾ 29 ਅਕਤੂਬਰ (ਦਵਿੰਦਰ ਸਿੰਘ) ਸ੍ਰੀ ਰਾਮ ਗਊਸ਼ਾਲਾ ਬਿਲਗਾ ਨੂੰ ਇੱਕ ਦਾਨੀ ਪਰਿਵਾਰ ਵੱਲੋਂ 2 ਲੱਖ 50 ਹਜ਼ਾਰ ਰੁਪਏ ਦੀ ਰਾਸ਼ੀ ਭੇਟ ਕੀਤੀ ਗਈ। ਗਊਸ਼ਾਲਾ ਕਮੇਟੀ ਦੇ ਪ੍ਰਬੰਧਕਾਂ ਨੇ ਪਰਿਵਾਰ ਦਾ ਧੰਨਵਾਦ ਕੀਤਾ ਅਤੇ ਕਿਹਾ ਕਿ ਇਹ ਰਾਸ਼ੀ ਗਊਆਂ ਦੀ ਸੇਵਾ ਸੰਭਾਲ ਅਤੇ ਚਾਰੇ ਦੇ ਪ੍ਰਬੰਧ ਲਈ ਵਰਤੀ ਜਾਵੇਗੀ। ਇਸ ਮੌਕੇ ਇਲਾਕੇ ਦੀਆਂ ਕਈ ਸ਼ਖਸੀਅਤਾਂ ਹਾਜ਼ਰ ਸਨ।
ਬਿਲਗਾ 29 ਅਕਤੂਬਰ (ਦਵਿੰਦਰ ਸਿੰਘ) ਸ੍ਰੀ ਰਾਮ ਗਊਸ਼ਾਲਾ ਬਿਲਗਾ ਨੂੰ ਇੱਕ ਦਾਨੀ ਪਰਿਵਾਰ ਵੱਲੋਂ 2 ਲੱਖ 50 ਹਜ਼ਾਰ ਰੁਪਏ ਦੀ ਰਾਸ਼ੀ ਭੇਟ ਕੀਤੀ ਗਈ। ਗਊਸ਼ਾਲਾ ਕਮੇਟੀ ਦੇ ਪ੍ਰਬੰਧਕਾਂ ਨੇ ਪਰਿਵਾਰ ਦਾ ਧੰਨਵਾਦ ਕੀਤਾ ਅਤੇ ਕਿਹਾ ਕਿ ਇਹ ਰਾਸ਼ੀ ਗਊਆਂ ਦੀ ਸੇਵਾ ਸੰਭਾਲ ਅਤੇ ਚਾਰੇ ਦੇ ਪ੍ਰਬੰਧ ਲਈ ਵਰਤੀ ਜਾਵੇਗੀ। ਇਸ ਮੌਕੇ ਇਲਾਕੇ ਦੀਆਂ ਕਈ ਸ਼ਖਸੀਅਤਾਂ ਹਾਜ਼ਰ ਸਨ।
ਸਰਦਾਰ ਗੁਰਮੇਲ ਸਿੰਘ ਸਿੱਧੂ ਸੀਨੀਅਰ ਆਗੂ ਸ਼੍ਰੋਮਣੀ ਅਕਾਲੀ ਦਲ ਬਾਦਲ ਵੱਲੋਂ ਲਗਾਤਾਰ ਕੀਤੀ ਜਾ ਰਹੀ ਹੈ ਹੜ੍ਹ ਪੀੜਤਾਂ ਦੀ ਵਿੱਤੀ ਮਦਦ
ਤਰਨਤਾਰਨ 29 ਅਕਤੂਬਰ (ਹਰਦੀਪ ਸਿੰਘ) ਸ਼੍ਰੋਮਣੀ ਅਕਾਲੀ ਦਲ ਬਾਦਲ ਦੇ ਸੀਨੀਅਰ ਆਗੂ ਸਰਦਾਰ ਗੁਰਮੇਲ ਸਿੰਘ ਸਿੱਧੂ ਵੱਲੋਂ ਹੜ੍ਹ ਪ੍ਰਭਾਵਿਤ ਪਰਿਵਾਰਾਂ ਦੀ ਲਗਾਤਾਰ ਵਿੱਤੀ ਮਦਦ ਕੀਤੀ ਜਾ ਰਹੀ ਹੈ। ਉਨ੍ਹਾਂ ਕਿਹਾ ਕਿ ਮੁਸੀਬਤ ਦੀ ਘੜੀ ਵਿੱਚ ਪੀੜਤ ਪਰਿਵਾਰਾਂ ਨਾਲ ਖੜ੍ਹਨਾ ਹਰ ਪੰਜਾਬੀ ਦਾ ਫਰਜ਼ ਹੈ।
ਤਰਨਤਾਰਨ ਜ਼ਿਮਨੀ ਚੋਣ 2027 ਵਿੱਚ ਸ਼੍ਰੋਮਣੀ ਅਕਾਲੀ ਦਲ ਬਾਦਲ ਦੀ ਸਰਕਾਰ ਦਾ ਮੁੱਢ ਬੰਨ੍ਹੇਗੀ - ਸੇਖੋਂ/ਚੇਤਲੀ
ਲੁਧਿਆਣਾ 29 ਅਕਤੂਬਰ (ਰਵਿੰਦਰ) ਸ਼੍ਰੋਮਣੀ ਅਕਾਲੀ ਦਲ ਦੇ ਆਗੂਆਂ ਨੇ ਕਿਹਾ ਕਿ ਤਰਨਤਾਰਨ ਦੀ ਜ਼ਿਮਨੀ ਚੋਣ 2027 ਵਿੱਚ ਪਾਰਟੀ ਦੀ ਸਰਕਾਰ ਦਾ ਮੁੱਢ ਬੰਨ੍ਹੇਗੀ। ਉਨ੍ਹਾਂ ਕਿਹਾ ਕਿ ਪੰਜਾਬ ਦੇ ਲੋਕ ਮੌਜੂਦਾ ਸਰਕਾਰ ਤੋਂ ਅੱਕ ਚੁੱਕੇ ਹਨ ਅਤੇ ਅਕਾਲੀ ਦਲ ਵੱਲ ਆਸ ਭਰੀਆਂ ਨਜ਼ਰਾਂ ਨਾਲ ਵੇਖ ਰਹੇ ਹਨ। ਵਰਕਰਾਂ ਨੂੰ ਘਰ ਘਰ ਜਾ ਕੇ ਪ੍ਰਚਾਰ ਕਰਨ ਦਾ ਸੱਦਾ ਦਿੱਤਾ।
ਲੁਧਿਆਣਾ 29 ਅਕਤੂਬਰ (ਰਵਿੰਦਰ) ਸ਼੍ਰੋਮਣੀ ਅਕਾਲੀ ਦਲ ਦੇ ਆਗੂਆਂ ਨੇ ਕਿਹਾ ਕਿ ਤਰਨਤਾਰਨ ਦੀ ਜ਼ਿਮਨੀ ਚੋਣ 2027 ਵਿੱਚ ਪਾਰਟੀ ਦੀ ਸਰਕਾਰ ਦਾ ਮੁੱਢ ਬੰਨ੍ਹੇਗੀ। ਉਨ੍ਹਾਂ ਕਿਹਾ ਕਿ ਪੰਜਾਬ ਦੇ ਲੋਕ ਮੌਜੂਦਾ ਸਰਕਾਰ ਤੋਂ ਅੱਕ ਚੁੱਕੇ ਹਨ ਅਤੇ ਅਕਾਲੀ ਦਲ ਵੱਲ ਆਸ ਭਰੀਆਂ ਨਜ਼ਰਾਂ ਨਾਲ ਵੇਖ ਰਹੇ ਹਨ। ਵਰਕਰਾਂ ਨੂੰ ਘਰ ਘਰ ਜਾ ਕੇ ਪ੍ਰਚਾਰ ਕਰਨ ਦਾ ਸੱਦਾ ਦਿੱਤਾ।
ਲੁਧਿਆਣਾ 29 ਅਕਤੂਬਰ (ਰਵਿੰਦਰ) ਸ਼੍ਰੋਮਣੀ ਅਕਾਲੀ ਦਲ ਦੇ ਆਗੂਆਂ ਨੇ ਕਿਹਾ ਕਿ ਤਰਨਤਾਰਨ ਦੀ ਜ਼ਿਮਨੀ ਚੋਣ 2027 ਵਿੱਚ ਪਾਰਟੀ ਦੀ ਸਰਕਾਰ ਦਾ ਮੁੱਢ ਬੰਨ੍ਹੇਗੀ। ਉਨ੍ਹਾਂ ਕਿਹਾ ਕਿ ਪੰਜਾਬ ਦੇ ਲੋਕ ਮੌਜੂਦਾ ਸਰਕਾਰ ਤੋਂ ਅੱਕ ਚੁੱਕੇ ਹਨ ਅਤੇ ਅਕਾਲੀ ਦਲ ਵੱਲ ਆਸ ਭਰੀਆਂ ਨਜ਼ਰਾਂ ਨਾਲ ਵੇਖ ਰਹੇ ਹਨ। ਵਰਕਰਾਂ ਨੂੰ ਘਰ ਘਰ ਜਾ ਕੇ ਪ੍ਰਚਾਰ ਕਰਨ ਦਾ ਸੱਦਾ ਦਿੱਤਾ।
